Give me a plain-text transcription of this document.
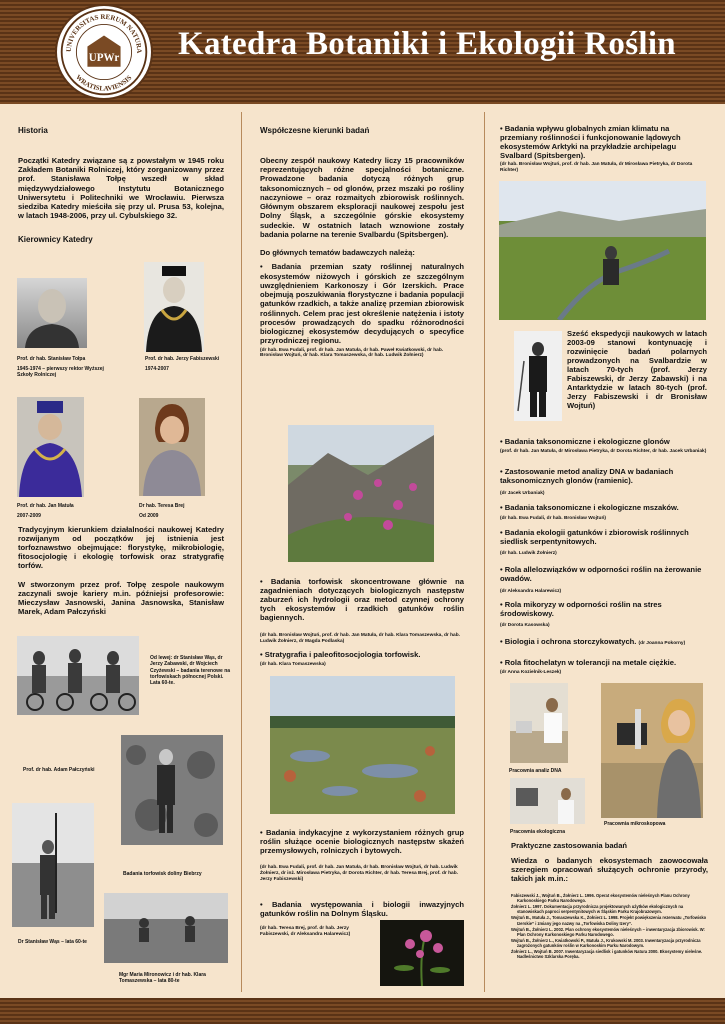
UNIVERSITAS RERUM NATURA
WRATISLAVIENSIS
UPWr Katedra Botaniki i Ekologii Roślin
Historia
Początki Katedry związane są z powstałym w 1945 roku Zakładem Botaniki Rolniczej, który zorganizowany przez prof. Stanisława Tołpę wszedł w skład międzywydziałowego Instytutu Botanicznego Uniwersytetu i Politechniki we Wrocławiu. Pierwsza siedziba Katedry mieściła się przy ul. Prusa 53, kolejna, w latach 1948-2006, przy ul. Cybulskiego 32.
Kierownicy Katedry
Prof. dr hab. Stanisław Tołpa
1945-1974 – pierwszy rektor Wyższej Szkoły Rolniczej
Prof. dr hab. Jerzy Fabiszewski
1974-2007
Prof. dr hab. Jan Matuła
2007-2009
Dr hab. Teresa Brej
Od 2009
Tradycyjnym kierunkiem działalności naukowej Katedry rozwijanym od początków jej istnienia jest torfoznawstwo obejmujące: florystykę, mikrobiologię, fitosocjologię i ekologię torfowisk oraz stratygrafię torfów.
W stworzonym przez prof. Tołpę zespole naukowym zaczynali swoje kariery m.in. późniejsi profesorowie: Mieczysław Jasnowski, Janina Jasnowska, Stanisław Marek, Adam Pałczyński
Od lewej: dr Stanisław Wąs, dr Jerzy Zabawski, dr Wojciech Czyżewski – badania terenowe na torfowiskach północnej Polski. Lata 60-te.
Prof. dr hab. Adam Pałczyński
Badania torfowisk doliny Biebrzy
Dr Stanisław Wąs – lata 60-te
Mgr Maria Mironowicz i dr hab. Klara Tomaszewska – lata 80-te
Współczesne kierunki badań
Obecny zespół naukowy Katedry liczy 15 pracowników reprezentujących różne specjalności botaniczne. Prowadzone badania dotyczą różnych grup taksonomicznych – od glonów, przez mszaki po rośliny naczyniowe – oraz rozmaitych zbiorowisk roślinnych. Głównym obszarem eksploracji naukowej zespołu jest Dolny Śląsk, a szczególnie górskie ekosystemy sudeckie. W ostatnich latach wznowione zostały badania polarne na terenie Svalbardu (Spitsbergen).
Do głównych tematów badawczych należą:
• Badania przemian szaty roślinnej naturalnych ekosystemów niżowych i górskich ze szczególnym uwzględnieniem Karkonoszy i Gór Izerskich. Prace obejmują poszukiwania florystyczne i badania populacji gatunków rzadkich, a także analizę przemian zbiorowisk roślinnych. Celem prac jest określenie natężenia i istoty procesów prowadzących do spadku różnorodności biologicznej ekosystemów decydujących o specyfice przyrodniczej regionu.
(dr hab. Ewa Fudali, prof. dr hab. Jan Matuła, dr hab. Paweł Kwiatkowski, dr hab. Bronisław Wojtuń, dr hab. Klara Tomaszewska, dr hab. Ludwik Żołnierz)
• Badania torfowisk skoncentrowane głównie na zagadnieniach dotyczących biologicznych następstw zaburzeń ich hydrologii oraz metod czynnej ochrony tych ekosystemów i rzadkich gatunków roślin bagiennych.
(dr hab. Bronisław Wojtuń, prof. dr hab. Jan Matuła, dr hab. Klara Tomaszewska, dr hab. Ludwik Żołnierz, dr Magda Podlaska)
• Stratygrafia i paleofitosocjologia torfowisk.
(dr hab. Klara Tomaszewska)
• Badania indykacyjne z wykorzystaniem różnych grup roślin służące ocenie biologicznych następstw skażeń przemysłowych, rolniczych i bytowych.
(dr hab. Ewa Fudali, prof. dr hab. Jan Matuła, dr hab. Bronisław Wojtuń, dr hab. Ludwik Żołnierz, dr inż. Mirosława Pietryka, dr Dorota Richter, dr hab. Teresa Brej, prof. dr hab. Jerzy Fabiszewski)
• Badania występowania i biologii inwazyjnych gatunków roślin na Dolnym Śląsku.
(dr hab. Teresa Brej, prof. dr hab. Jerzy Fabiszewski, dr Aleksandra Halarewicz)
• Badania wpływu globalnych zmian klimatu na przemiany roślinności i funkcjonowanie lądowych ekosystemów Arktyki na przykładzie archipelagu Svalbard (Spitsbergen).
(dr hab. Bronisław Wojtuń, prof. dr hab. Jan Matuła, dr Mirosława Pietryka, dr Dorota Richter)
Sześć ekspedycji naukowych w latach 2003-09 stanowi kontynuację i rozwinięcie badań polarnych prowadzonych na Svalbardzie w latach 70-tych (prof. Jerzy Fabiszewski, dr Jerzy Zabawski) i na Antarktydzie w latach 80-tych (prof. Jerzy Fabiszewski i dr Bronisław Wojtuń)
• Badania taksonomiczne i ekologiczne glonów
(prof. dr hab. Jan Matuła, dr Mirosława Pietryka, dr Dorota Richter, dr hab. Jacek Urbaniak)
• Zastosowanie metod analizy DNA w badaniach taksonomicznych glonów (ramienic).
(dr Jacek Urbaniak)
• Badania taksonomiczne i ekologiczne mszaków.
(dr hab. Ewa Fudali, dr hab. Bronisław Wojtuń)
• Badania ekologii gatunków i zbiorowisk roślinnych siedlisk serpentynitowych.
(dr hab. Ludwik Żołnierz)
• Rola allelozwiązków w odporności roślin na żerowanie owadów.
(dr Aleksandra Halarewicz)
• Rola mikoryzy w odporności roślin na stres środowiskowy.
(dr Dorota Kasowska)
• Biologia i ochrona storczykowatych. (dr Joanna Pokorny)
• Rola fitochelatyn w tolerancji na metale ciężkie.
(dr Anna Kozielnik-Leszek)
Pracownia analiz DNA
Pracownia ekologiczna
Pracownia mikroskopowa
Praktyczne zastosowania badań
Wiedza o badanych ekosystemach zaowocowała szeregiem opracowań służących ochronie przyrody, takich jak m.in.:
Fabiszewski J., Wojtuń B., Żołnierz L. 1996. Operat ekosystemów nieleśnych Planu Ochrony Karkonoskiego Parku Narodowego.
Żołnierz L. 1997. Dokumentacja przyrodnicza projektowanych użytków ekologicznych na stanowiskach paproci serpentynitowych w Śląskim Parku Krajobrazowym.
Wojtuń B., Matuła J., Tomaszewska K., Żołnierz L. 1998. Projekt powiększenia rezerwatu „Torfowisko Izerskie” i zmiany jego nazwy na „Torfowiska Doliny Izery”.
Wojtuń B., Żołnierz L. 2002. Plan ochrony ekosystemów nieleśnych – inwentaryzacja zbiorowisk. W: Plan Ochrony Karkonoskiego Parku Narodowego.
Wojtuń B., Żołnierz L., Kwiatkowski P., Matuła J., Krukowski M. 2003. Inwentaryzacja przyrodnicza zagrożonych gatunków roślin w Karkonoskim Parku Narodowym.
Żołnierz L., Wojtuń B. 2007. Inwentaryzacja siedlisk i gatunków Natura 2000. Ekosystemy nieleśne. Nadleśnictwo Szklarska Poręba.
